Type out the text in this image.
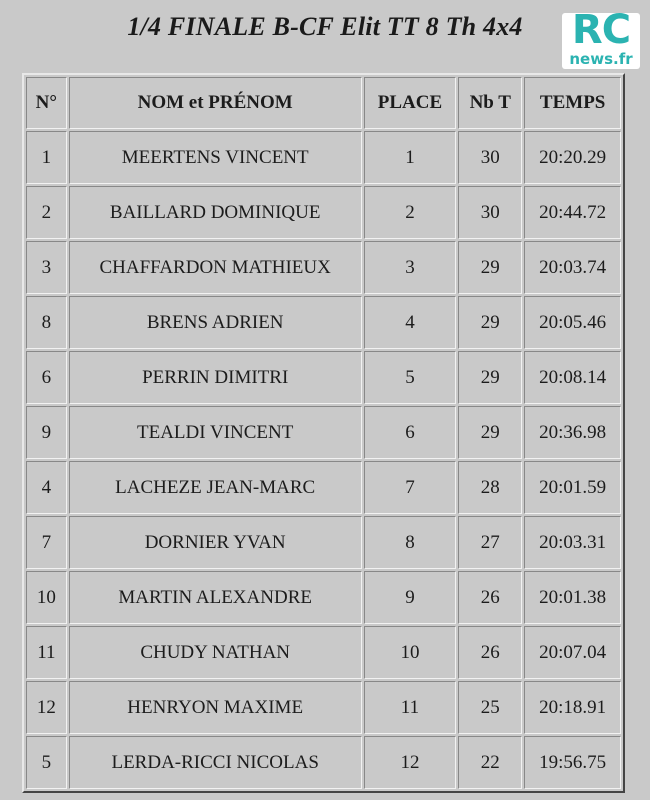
1/4 FINALE B-CF Elit TT 8 Th 4x4	RC
news.fr
N°	NOM et PRÉNOM	PLACE	Nb T	TEMPS
1	MEERTENS VINCENT	1	30	20:20.29
2	BAILLARD DOMINIQUE	2	30	20:44.72
3	CHAFFARDON MATHIEUX	3	29	20:03.74
8	BRENS ADRIEN	4	29	20:05.46
6	PERRIN DIMITRI	5	29	20:08.14
9	TEALDI VINCENT	6	29	20:36.98
4	LACHEZE JEAN-MARC	7	28	20:01.59
7	DORNIER YVAN	8	27	20:03.31
10	MARTIN ALEXANDRE	9	26	20:01.38
11	CHUDY NATHAN	10	26	20:07.04
12	HENRYON MAXIME	11	25	20:18.91
5	LERDA-RICCI NICOLAS	12	22	19:56.75
